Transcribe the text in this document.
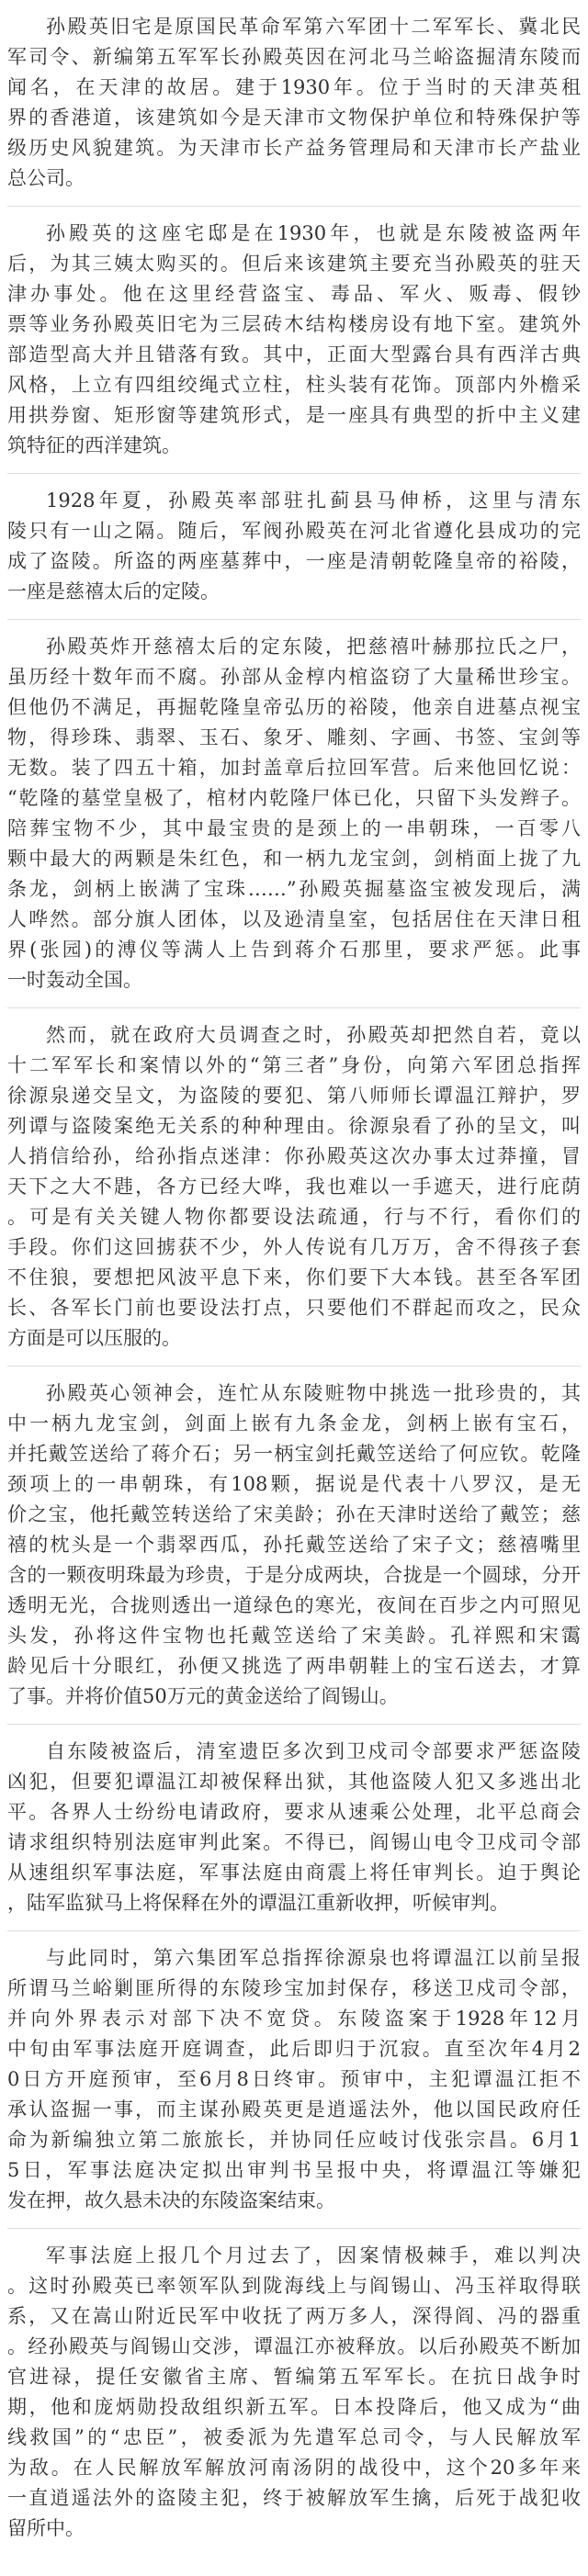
孙殿英旧宅是原国民革命军第六军团十二军军长、冀北民
军司令、新编第五军军长孙殿英因在河北马兰峪盗掘清东陵而
闻名，在天津的故居。建于1930年。位于当时的天津英租
界的香港道，该建筑如今是天津市文物保护单位和特殊保护等
级历史风貌建筑。为天津市长产益务管理局和天津市长产盐业
总公司。
孙殿英的这座宅邸是在1930年，也就是东陵被盗两年
后，为其三姨太购买的。但后来该建筑主要充当孙殿英的驻天
津办事处。他在这里经营盗宝、毒品、军火、贩毒、假钞
票等业务孙殿英旧宅为三层砖木结构楼房设有地下室。建筑外
部造型高大并且错落有致。其中，正面大型露台具有西洋古典
风格，上立有四组绞绳式立柱，柱头装有花饰。顶部内外檐采
用拱券窗、矩形窗等建筑形式，是一座具有典型的折中主义建
筑特征的西洋建筑。
1928年夏，孙殿英率部驻扎蓟县马伸桥，这里与清东
陵只有一山之隔。随后，军阀孙殿英在河北省遵化县成功的完
成了盗陵。所盗的两座墓葬中，一座是清朝乾隆皇帝的裕陵，
一座是慈禧太后的定陵。
孙殿英炸开慈禧太后的定东陵，把慈禧叶赫那拉氏之尸，
虽历经十数年而不腐。孙部从金椁内棺盗窃了大量稀世珍宝。
但他仍不满足，再掘乾隆皇帝弘历的裕陵，他亲自进墓点视宝
物，得珍珠、翡翠、玉石、象牙、雕刻、字画、书签、宝剑等
无数。装了四五十箱，加封盖章后拉回军营。后来他回忆说：
“乾隆的墓堂皇极了，棺材内乾隆尸体已化，只留下头发辫子。
陪葬宝物不少，其中最宝贵的是颈上的一串朝珠，一百零八
颗中最大的两颗是朱红色，和一柄九龙宝剑，剑梢面上拢了九
条龙，剑柄上嵌满了宝珠……”孙殿英掘墓盗宝被发现后，满
人哗然。部分旗人团体，以及逊清皇室，包括居住在天津日租
界(张园)的溥仪等满人上告到蒋介石那里，要求严惩。此事
一时轰动全国。
然而，就在政府大员调查之时，孙殿英却把然自若，竟以
十二军军长和案情以外的“第三者”身份，向第六军团总指挥
徐源泉递交呈文，为盗陵的要犯、第八师师长谭温江辩护，罗
列谭与盗陵案绝无关系的种种理由。徐源泉看了孙的呈文，叫
人捎信给孙，给孙指点迷津：你孙殿英这次办事太过莽撞，冒
天下之大不韪，各方已经大哗，我也难以一手遮天，进行庇荫
。可是有关关键人物你都要设法疏通，行与不行，看你们的
手段。你们这回掳获不少，外人传说有几万万，舍不得孩子套
不住狼，要想把风波平息下来，你们要下大本钱。甚至各军团
长、各军长门前也要设法打点，只要他们不群起而攻之，民众
方面是可以压服的。
孙殿英心领神会，连忙从东陵赃物中挑选一批珍贵的，其
中一柄九龙宝剑，剑面上嵌有九条金龙，剑柄上嵌有宝石，
并托戴笠送给了蒋介石；另一柄宝剑托戴笠送给了何应钦。乾隆
颈项上的一串朝珠，有108颗，据说是代表十八罗汉，是无
价之宝，他托戴笠转送给了宋美龄；孙在天津时送给了戴笠；慈
禧的枕头是一个翡翠西瓜，孙托戴笠送给了宋子文；慈禧嘴里
含的一颗夜明珠最为珍贵，于是分成两块，合拢是一个圆球，分开
透明无光，合拢则透出一道绿色的寒光，夜间在百步之内可照见
头发，孙将这件宝物也托戴笠送给了宋美龄。孔祥熙和宋霭
龄见后十分眼红，孙便又挑选了两串朝鞋上的宝石送去，才算
了事。并将价值50万元的黄金送给了阎锡山。
自东陵被盗后，清室遗臣多次到卫戍司令部要求严惩盗陵
凶犯，但要犯谭温江却被保释出狱，其他盗陵人犯又多逃出北
平。各界人士纷纷电请政府，要求从速乘公处理，北平总商会
请求组织特别法庭审判此案。不得已，阎锡山电令卫戍司令部
从速组织军事法庭，军事法庭由商震上将任审判长。迫于舆论
，陆军监狱马上将保释在外的谭温江重新收押，听候审判。
与此同时，第六集团军总指挥徐源泉也将谭温江以前呈报
所谓马兰峪剿匪所得的东陵珍宝加封保存，移送卫戍司令部，
并向外界表示对部下决不宽贷。东陵盗案于1928年12月
中旬由军事法庭开庭调查，此后即归于沉寂。直至次年4月2
0日方开庭预审，至6月8日终审。预审中，主犯谭温江拒不
承认盗掘一事，而主谋孙殿英更是逍遥法外，他以国民政府任
命为新编独立第二旅旅长，并协同任应岐讨伐张宗昌。6月1
5日，军事法庭决定拟出审判书呈报中央，将谭温江等嫌犯
发在押，故久悬未决的东陵盗案结束。
军事法庭上报几个月过去了，因案情极棘手，难以判决
。这时孙殿英已率领军队到陇海线上与阎锡山、冯玉祥取得联
系，又在嵩山附近民军中收抚了两万多人，深得阎、冯的器重
。经孙殿英与阎锡山交涉，谭温江亦被释放。以后孙殿英不断加
官进禄，提任安徽省主席、暂编第五军军长。在抗日战争时
期，他和庞炳勋投敌组织新五军。日本投降后，他又成为“曲
线救国”的“忠臣”，被委派为先遣军总司令，与人民解放军
为敌。在人民解放军解放河南汤阴的战役中，这个20多年来
一直逍遥法外的盗陵主犯，终于被解放军生擒，后死于战犯收
留所中。
